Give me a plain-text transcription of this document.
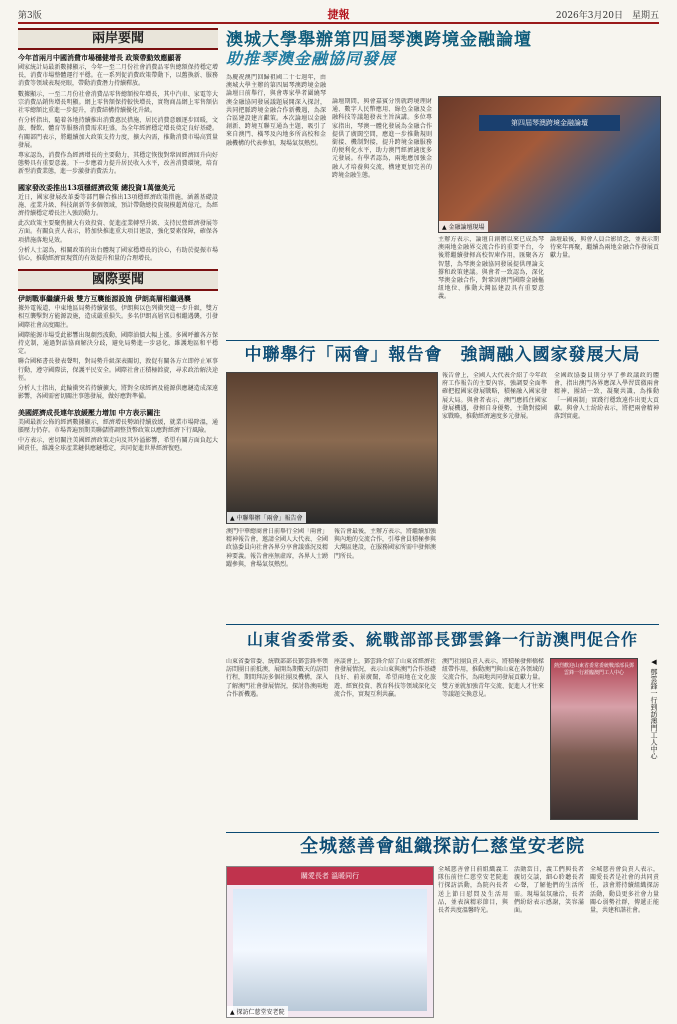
第3版	捷報	2026年3月20日　 星期五
兩岸要聞
今年首兩月中國消費市場穩健增長 政策帶動效應顯著

國家統計局最新數據顯示，今年一至二月份社會消費品零售總額保持穩定增長，消費市場整體運行平穩。在一系列促消費政策帶動下，以舊換新、服務消費等領域表現亮眼，帶動消費潛力持續釋放。

數據顯示，一至二月份社會消費品零售總額按年增長，其中汽車、家電等大宗消費品銷售增長明顯。網上零售額保持較快增長，實物商品網上零售額佔社零總額比重進一步提升，消費結構持續優化升級。

有分析指出，隨着各地持續推出消費惠民措施，居民消費意願逐步回暖，文旅、餐飲、體育等服務消費需求旺盛，為全年經濟穩定增長奠定良好基礎。有關部門表示，將繼續加大政策支持力度，擴大內需，推動消費市場高質量發展。

專家認為，消費作為經濟增長的主要動力，其穩定恢復對鞏固經濟回升向好態勢具有重要意義。下一步應着力提升居民收入水平，改善消費環境，培育新型消費業態，進一步激發消費活力。

國家發改委推出13項穩經濟政策 總投資1萬億美元

近日，國家發展改革委等部門聯合推出13項穩經濟政策措施，涵蓋基礎設施、產業升級、科技創新等多個領域，預計帶動總投資規模超萬億元，為經濟持續穩定增長注入強勁動力。

此次政策主要聚焦擴大有效投資、促進產業轉型升級、支持民營經濟發展等方面。有關負責人表示，將加快推進重大項目建設，強化要素保障，確保各項措施落地見效。

分析人士認為，相關政策的出台體現了國家穩增長的決心，有助於提振市場信心，推動經濟實現質的有效提升和量的合理增長。

國際要聞
伊朗戰事繼續升級 雙方互襲能源設施 伊朗高層相繼遇襲

據外電報道，中東地區局勢持續緊張，伊朗與以色列衝突進一步升級，雙方相互襲擊對方能源設施，造成嚴重損失。多名伊朗高層官員相繼遇襲，引發國際社會高度關注。

國際能源市場受此影響出現劇烈波動，國際油價大幅上漲。多國呼籲各方保持克制，通過對話協商解決分歧，避免局勢進一步惡化，維護地區和平穩定。

聯合國秘書長發表聲明，對局勢升級深表關切，敦促有關各方立即停止軍事行動，遵守國際法，保護平民安全。國際社會正積極斡旋，尋求政治解決途徑。

分析人士指出，此輪衝突若持續擴大，將對全球經濟及能源供應鏈造成深遠影響，各國需密切關注事態發展，做好應對準備。

美國經濟成長連年放緩壓力增加 中方表示關注

美國最新公佈的經濟數據顯示，經濟增長勢頭持續放緩，就業市場降溫，通脹壓力仍存。市場普遍預期美聯儲將調整貨幣政策以應對經濟下行風險。

中方表示，密切關注美國經濟政策走向及其外溢影響，希望有關方面負起大國責任，維護全球產業鏈供應鏈穩定，共同促進世界經濟復甦。

澳城大學舉辦第四屆琴澳跨境金融論壇
助推琴澳金融協同發展
為慶祝澳門回歸祖國二十七週年，由澳城大學主辦的第四屆琴澳跨境金融論壇日前舉行，與會專家學者圍繞琴澳金融協同發展議題展開深入探討，共同把脈跨境金融合作新機遇，為深合區建設建言獻策。本次論壇以金融創新、跨境互聯互通為主題，吸引了來自澳門、橫琴及內地多所高校和金融機構的代表參加，現場氣氛熱烈。
論壇期間，與會嘉賓分別就跨境理財通、數字人民幣應用、綠色金融及金融科技等議題發表主旨演講。多位專家指出，琴澳一體化發展為金融合作提供了廣闊空間，應進一步推動規則銜接、機制對接，提升跨境金融服務的便利化水平，助力澳門經濟適度多元發展。有學者認為，兩地應加強金融人才培養與交流，構建更加完善的跨境金融生態。
第四屆琴澳跨境金融論壇
▲ 金融論壇現場
主辦方表示，論壇自創辦以來已成為琴澳兩地金融界交流合作的重要平台，今後將繼續發揮高校智庫作用，匯聚各方智慧，為琴澳金融協同發展提供理論支撐和政策建議。與會者一致認為，深化琴澳金融合作，對鞏固澳門國際金融樞紐地位、推動大灣區建設具有重要意義。
論壇最後，與會人員合影留念，並表示期待來年再聚，繼續為兩地金融合作發展貢獻力量。
中聯舉行「兩會」報告會　強調融入國家發展大局
▲ 中聯舉辦「兩會」報告會
報告會上，全國人大代表介紹了今年政府工作報告的主要內容，強調要全面準確把握國家發展戰略，積極融入國家發展大局。與會者表示，澳門應抓住國家發展機遇，發揮自身優勢，主動對接國家戰略，推動經濟適度多元發展。
全國政協委員則分享了參政議政的體會，指出澳門各界應深入學習貫徹兩會精神，團結一致，凝聚共識，為推動「一國兩制」實踐行穩致遠作出更大貢獻。與會人士紛紛表示，將把兩會精神落到實處。
澳門中華總商會日前舉行全國「兩會」精神報告會，邀請全國人大代表、全國政協委員向社會各界分享會議盛況及精神要義。報告會座無虛席，各界人士踴躍參與，會場氣氛熱烈。
報告會最後，主辦方表示，將繼續加強與內地的交流合作，引導會員積極參與大灣區建設，在服務國家所需中發揮澳門所長。
山東省委常委、統戰部部長鄧雲鋒一行訪澳門促合作
山東省委常委、統戰部部長鄧雲鋒率領訪問團日前抵澳，展開為期數天的訪問行程，期間拜訪多個社團及機構，深入了解澳門社會發展情況，探討魯澳兩地合作新機遇。
座談會上，鄧雲鋒介紹了山東省經濟社會發展情況，表示山東與澳門合作基礎良好、前景廣闊，希望兩地在文化旅遊、經貿投資、教育科技等領域深化交流合作，實現互利共贏。
澳門社團負責人表示，將積極發揮橋樑紐帶作用，推動澳門與山東在各領域的交流合作，為兩地共同發展貢獻力量。雙方並就加強青年交流、促進人才往來等議題交換意見。
熱烈歡迎山東省委常委統戰部部長鄧雲鋒一行蒞臨澳門工人中心	◀ 鄧雲鋒一行到訪澳門工人中心
全城慈善會組織探訪仁慈堂安老院
關愛長者 溫暖同行
▲ 探訪仁慈堂安老院
全城慈善會日前組織義工隊伍前往仁慈堂安老院進行探訪活動，為院內長者送上節日慰問及生活用品，並表演精彩節目，與長者共度溫馨時光。
活動當日，義工們與長者親切交談，細心聆聽長者心聲，了解他們的生活所需。現場氣氛融洽，長者們紛紛表示感謝，笑容滿面。
全城慈善會負責人表示，關愛長者是社會的共同責任，該會將持續組織探訪活動，動員更多社會力量關心弱勢社群，傳遞正能量，共建和諧社會。
